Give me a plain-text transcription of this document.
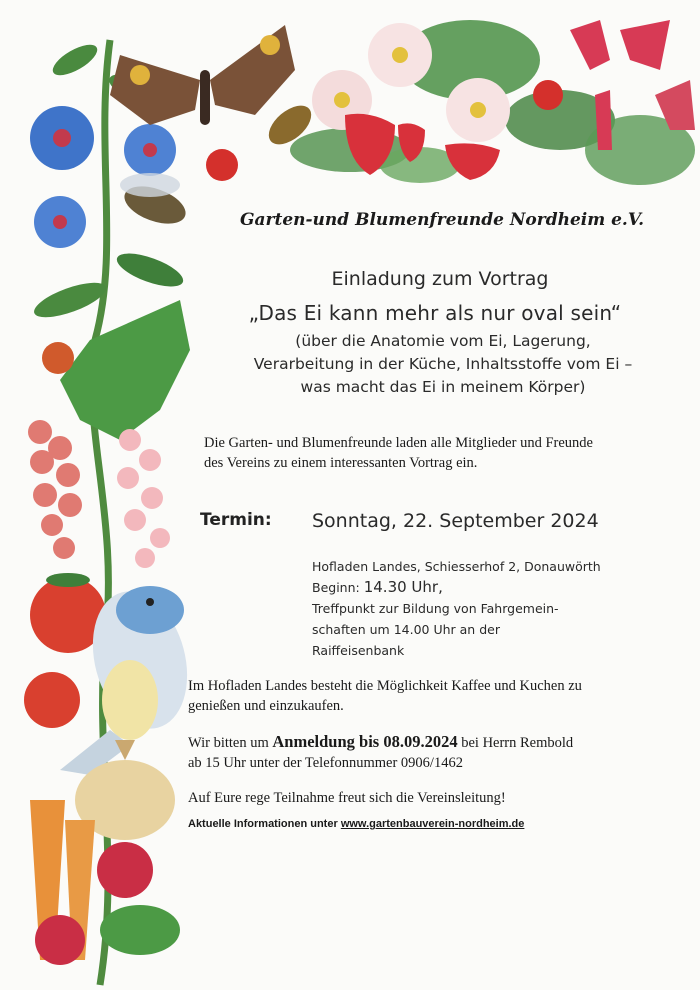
Garten-und Blumenfreunde Nordheim e.V.
Einladung zum Vortrag
„Das Ei kann mehr als nur oval sein“
(über die Anatomie vom Ei, Lagerung,
Verarbeitung in der Küche, Inhaltsstoffe vom Ei –
was macht das Ei in meinem Körper)
Die Garten- und Blumenfreunde laden alle Mitglieder und Freunde
des Vereins zu einem interessanten Vortrag ein.
Termin: Sonntag, 22. September 2024
Hofladen Landes, Schiesserhof 2, Donauwörth
Beginn: 14.30 Uhr,
Treffpunkt zur Bildung von Fahrgemein-
schaften um 14.00 Uhr an der
Raiffeisenbank
Im Hofladen Landes besteht die Möglichkeit Kaffee und Kuchen zu
genießen und einzukaufen.
Wir bitten um Anmeldung bis 08.09.2024 bei Herrn Rembold
ab 15 Uhr unter der Telefonnummer 0906/1462
Auf Eure rege Teilnahme freut sich die Vereinsleitung!
Aktuelle Informationen unter www.gartenbauverein-nordheim.de
